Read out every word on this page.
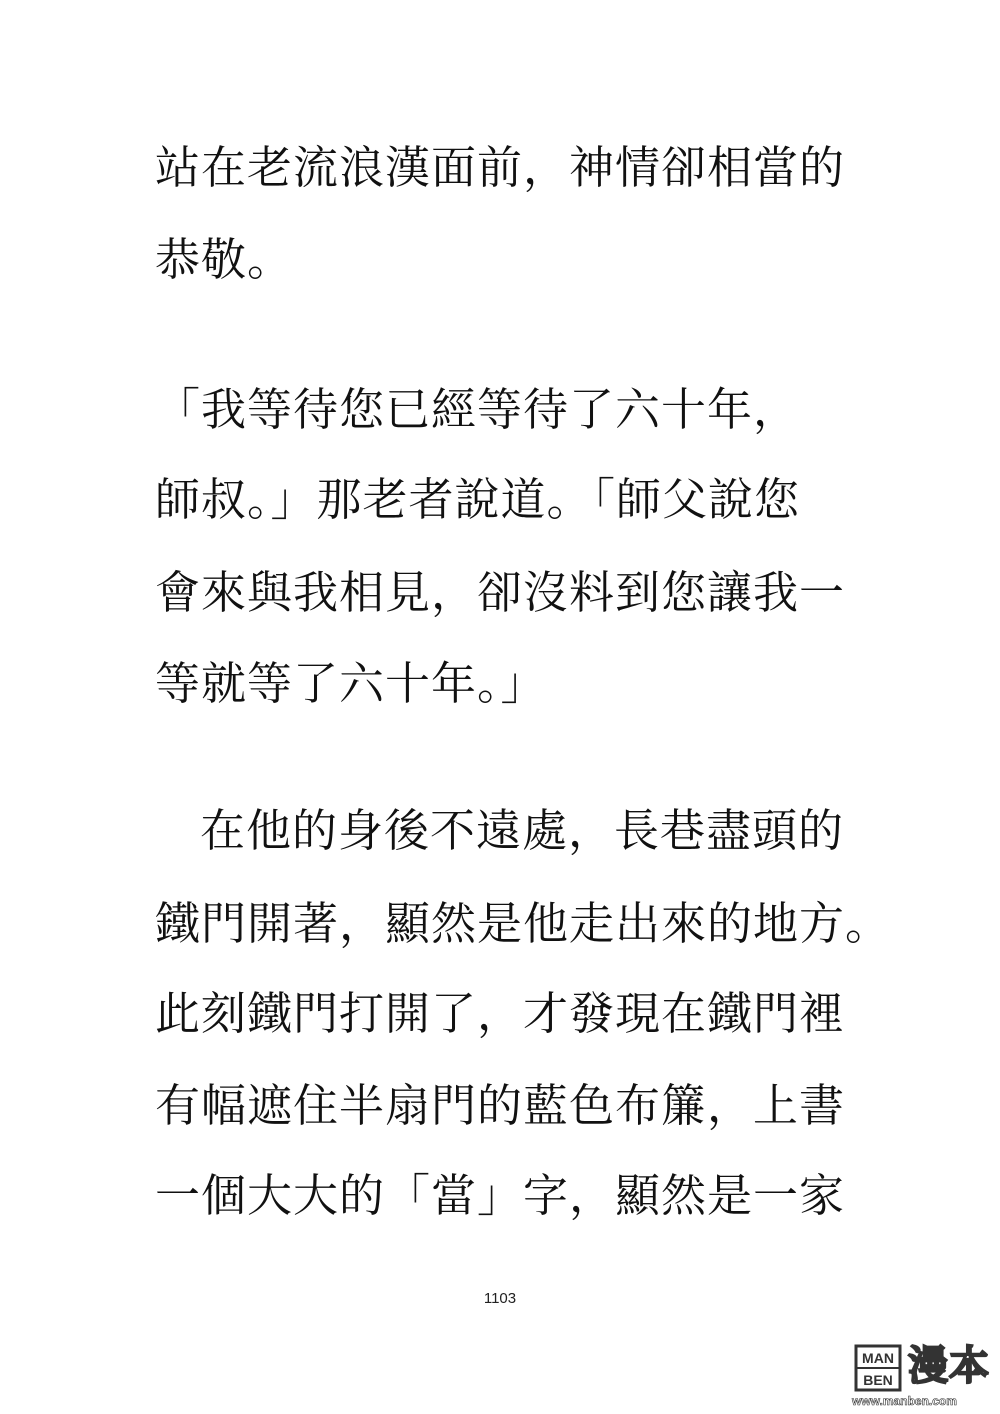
站在老流浪漢面前，神情卻相當的
恭敬。
「我等待您已經等待了六十年，
師叔。」那老者說道。「師父說您
會來與我相見，卻沒料到您讓我一
等就等了六十年。」
在他的身後不遠處，長巷盡頭的
鐵門開著，顯然是他走出來的地方。
此刻鐵門打開了，才發現在鐵門裡
有幅遮住半扇門的藍色布簾，上書
一個大大的「當」字，顯然是一家
1103
MAN
BEN 漫本
www.manben.com
